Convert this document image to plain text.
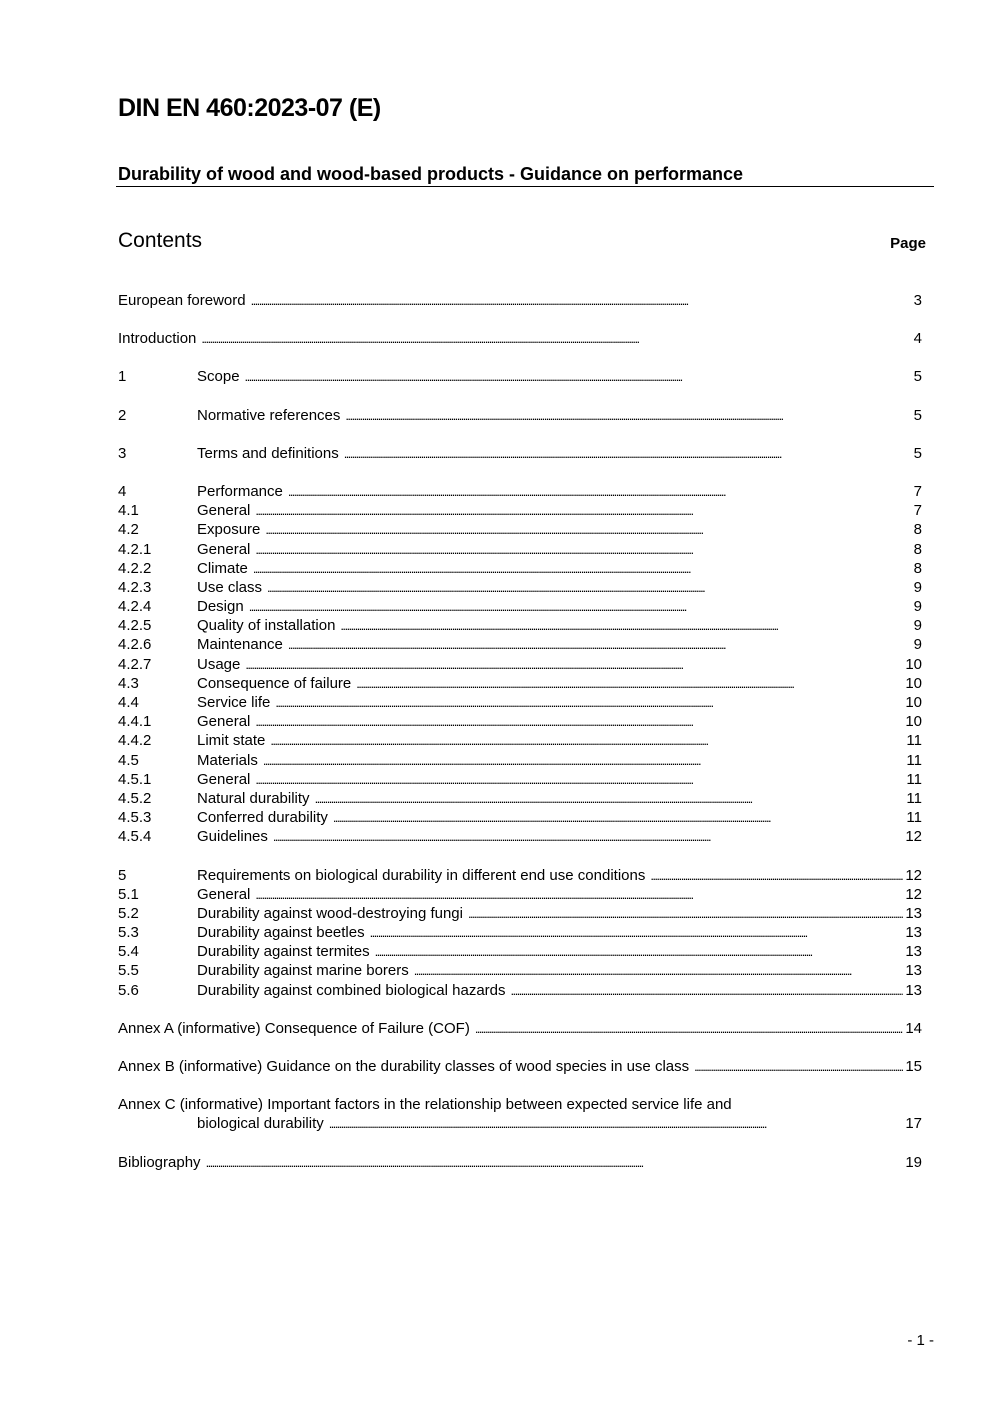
DIN EN 460:2023-07 (E)
Durability of wood and wood-based products - Guidance on performance
Contents	Page
European foreword . . .	3
Introduction . . .	4
1	Scope . . .	5
2	Normative references . . .	5
3	Terms and definitions . . .	5
4	Performance . . .	7
4.1	General . . .	7
4.2	Exposure . . .	8
4.2.1	General . . .	8
4.2.2	Climate . . .	8
4.2.3	Use class . . .	9
4.2.4	Design . . .	9
4.2.5	Quality of installation . . .	9
4.2.6	Maintenance . . .	9
4.2.7	Usage . . .	10
4.3	Consequence of failure . . .	10
4.4	Service life . . .	10
4.4.1	General . . .	10
4.4.2	Limit state . . .	11
4.5	Materials . . .	11
4.5.1	General . . .	11
4.5.2	Natural durability . . .	11
4.5.3	Conferred durability . . .	11
4.5.4	Guidelines . . .	12
5	Requirements on biological durability in different end use conditions . . .	12
5.1	General . . .	12
5.2	Durability against wood-destroying fungi . . .	13
5.3	Durability against beetles . . .	13
5.4	Durability against termites . . .	13
5.5	Durability against marine borers . . .	13
5.6	Durability against combined biological hazards . . .	13
Annex A (informative) Consequence of Failure (COF) . . .	14
Annex B (informative) Guidance on the durability classes of wood species in use class . . .	15
Annex C (informative) Important factors in the relationship between expected service life and
biological durability . . .	17
Bibliography . . .	19
- 1 -
